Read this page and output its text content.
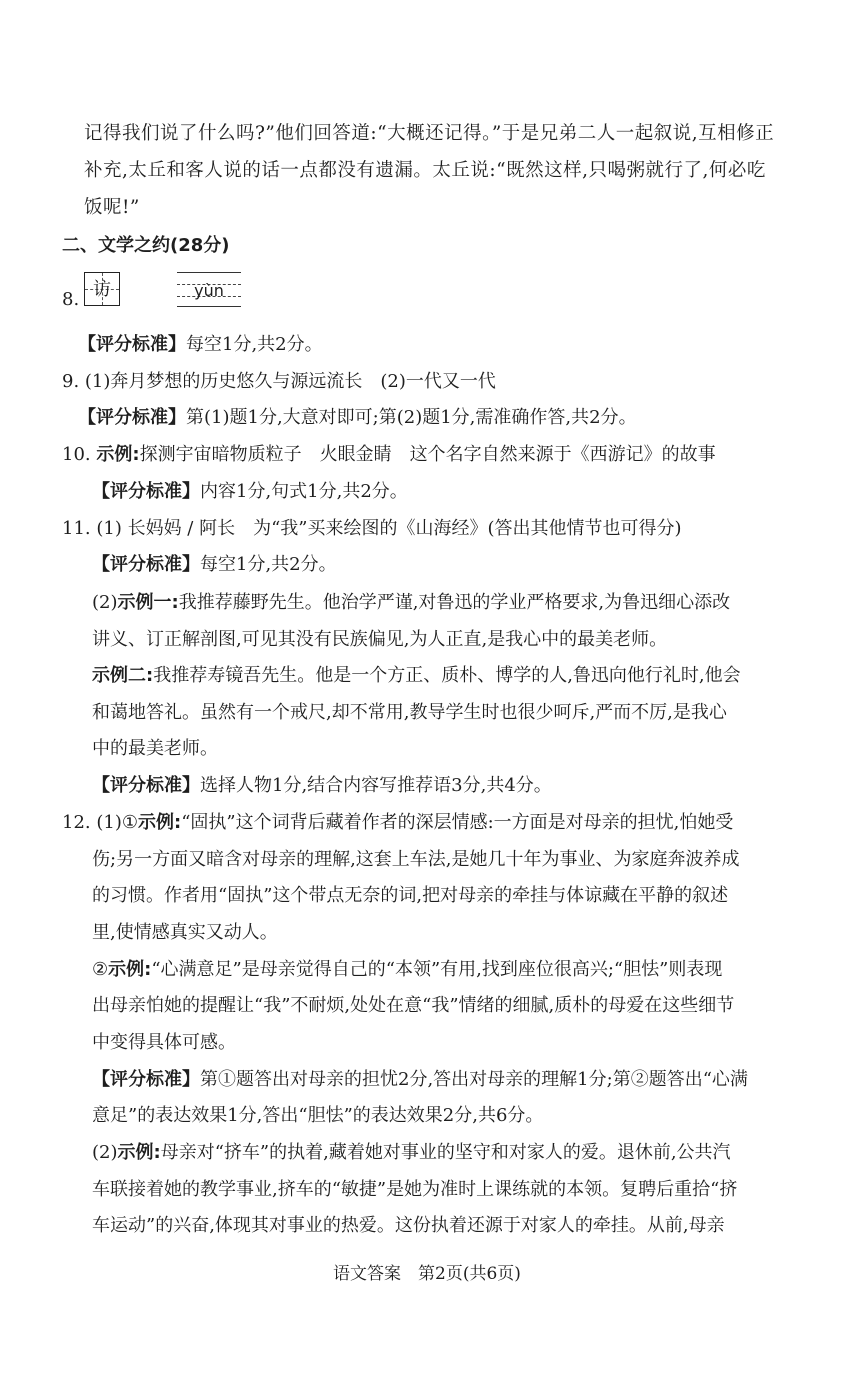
记得我们说了什么吗?”他们回答道:“大概还记得。”于是兄弟二人一起叙说,互相修正
补充,太丘和客人说的话一点都没有遗漏。太丘说:“既然这样,只喝粥就行了,何必吃
饭呢!”
二、文学之约(28分)
8. 访	yùn
【评分标准】每空1分,共2分。
9. (1)奔月梦想的历史悠久与源远流长　(2)一代又一代
【评分标准】第(1)题1分,大意对即可;第(2)题1分,需准确作答,共2分。
10. 示例:探测宇宙暗物质粒子　火眼金睛　这个名字自然来源于《西游记》的故事
【评分标准】内容1分,句式1分,共2分。
11. (1) 长妈妈 / 阿长　为“我”买来绘图的《山海经》(答出其他情节也可得分)
【评分标准】每空1分,共2分。
(2)示例一:我推荐藤野先生。他治学严谨,对鲁迅的学业严格要求,为鲁迅细心添改
讲义、订正解剖图,可见其没有民族偏见,为人正直,是我心中的最美老师。
示例二:我推荐寿镜吾先生。他是一个方正、质朴、博学的人,鲁迅向他行礼时,他会
和蔼地答礼。虽然有一个戒尺,却不常用,教导学生时也很少呵斥,严而不厉,是我心
中的最美老师。
【评分标准】选择人物1分,结合内容写推荐语3分,共4分。
12. (1)①示例:“固执”这个词背后藏着作者的深层情感:一方面是对母亲的担忧,怕她受
伤;另一方面又暗含对母亲的理解,这套上车法,是她几十年为事业、为家庭奔波养成
的习惯。作者用“固执”这个带点无奈的词,把对母亲的牵挂与体谅藏在平静的叙述
里,使情感真实又动人。
②示例:“心满意足”是母亲觉得自己的“本领”有用,找到座位很高兴;“胆怯”则表现
出母亲怕她的提醒让“我”不耐烦,处处在意“我”情绪的细腻,质朴的母爱在这些细节
中变得具体可感。
【评分标准】第①题答出对母亲的担忧2分,答出对母亲的理解1分;第②题答出“心满
意足”的表达效果1分,答出“胆怯”的表达效果2分,共6分。
(2)示例:母亲对“挤车”的执着,藏着她对事业的坚守和对家人的爱。退休前,公共汽
车联接着她的教学事业,挤车的“敏捷”是她为准时上课练就的本领。复聘后重拾“挤
车运动”的兴奋,体现其对事业的热爱。这份执着还源于对家人的牵挂。从前,母亲
语文答案　第2页(共6页)
